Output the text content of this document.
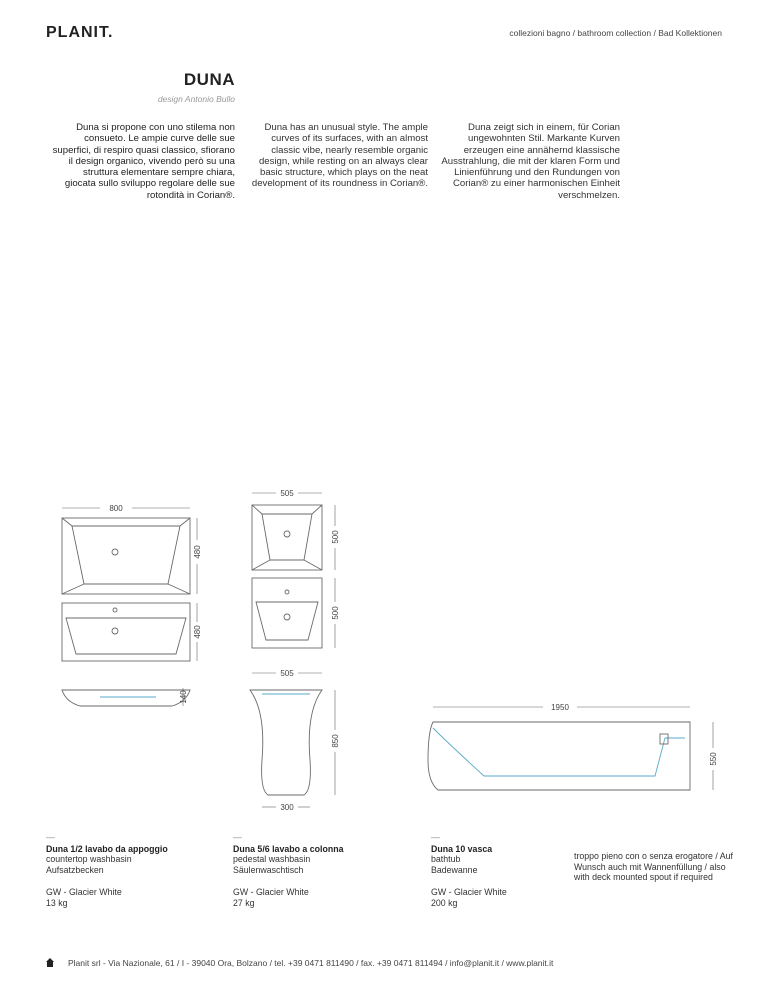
PLANIT.	collezioni bagno / bathroom collection / Bad Kollektionen
DUNA
design Antonio Bullo
Duna si propone con uno stilema non consueto. Le ampie curve delle sue superfici, di respiro quasi classico, sfiorano il design organico, vivendo però su una struttura elementare sempre chiara, giocata sullo sviluppo regolare delle sue rotondità in Corian®.
Duna has an unusual style. The ample curves of its surfaces, with an almost classic vibe, nearly resemble organic design, while resting on an always clear basic structure, which plays on the neat development of its roundness in Corian®.
Duna zeigt sich in einem, für Corian ungewohnten Stil. Markante Kurven erzeugen eine annähernd klassische Ausstrahlung, die mit der klaren Form und Linienführung und den Rundungen von Corian® zu einer harmonischen Einheit verschmelzen.
800
480
480
140
505
500
500
505
850
300
1950
550
—
Duna 1/2 lavabo da appoggio
countertop washbasin
Aufsatzbecken
GW - Glacier White
13 kg
—
Duna 5/6 lavabo a colonna
pedestal washbasin
Säulenwaschtisch
GW - Glacier White
27 kg
—
Duna 10 vasca
bathtub
Badewanne
GW - Glacier White
200 kg
troppo pieno con o senza erogatore / Auf Wunsch auch mit Wannenfüllung / also with deck mounted spout if required
Planit srl - Via Nazionale, 61 / I - 39040 Ora, Bolzano / tel. +39 0471 811490 / fax. +39 0471 811494 / info@planit.it / www.planit.it
